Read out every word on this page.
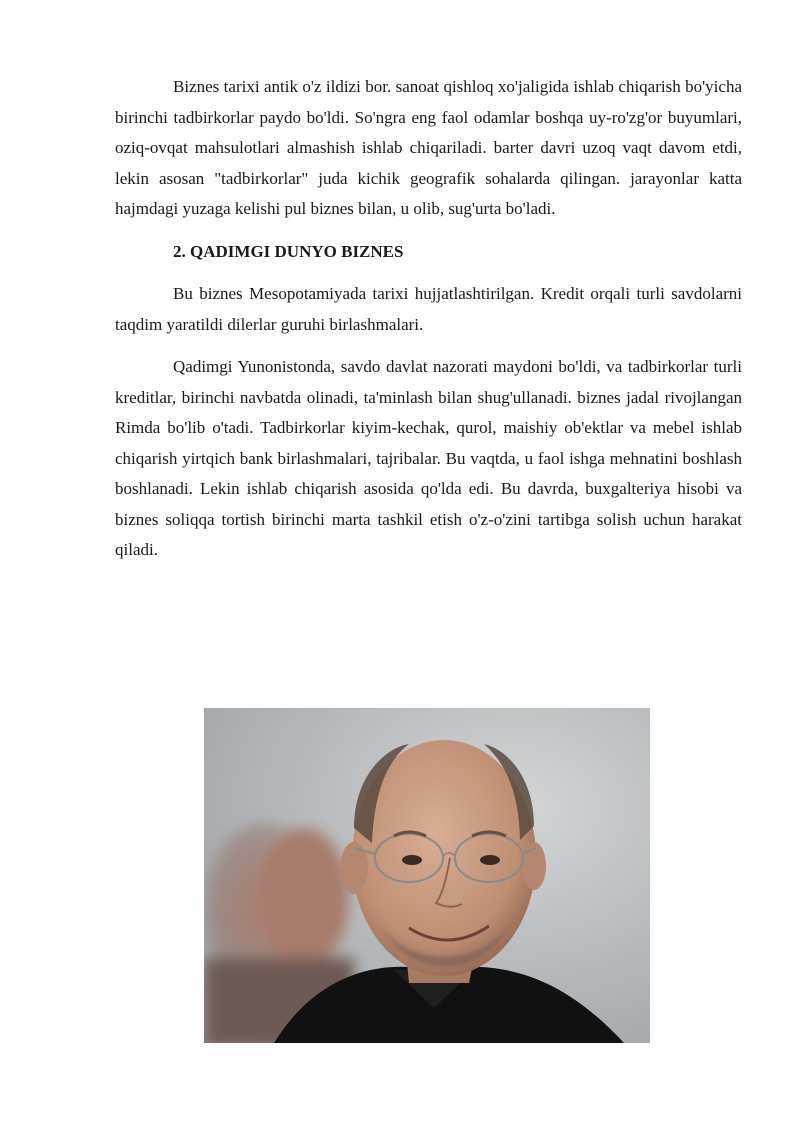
Biznes tarixi antik o'z ildizi bor. sanoat qishloq xo'jaligida ishlab chiqarish bo'yicha birinchi tadbirkorlar paydo bo'ldi. So'ngra eng faol odamlar boshqa uy-ro'zg'or buyumlari, oziq-ovqat mahsulotlari almashish ishlab chiqariladi. barter davri uzoq vaqt davom etdi, lekin asosan "tadbirkorlar" juda kichik geografik sohalarda qilingan. jarayonlar katta hajmdagi yuzaga kelishi pul biznes bilan, u olib, sug'urta bo'ladi.

2. QADIMGI DUNYO BIZNES

Bu biznes Mesopotamiyada tarixi hujjatlashtirilgan. Kredit orqali turli savdolarni taqdim yaratildi dilerlar guruhi birlashmalari.

Qadimgi Yunonistonda, savdo davlat nazorati maydoni bo'ldi, va tadbirkorlar turli kreditlar, birinchi navbatda olinadi, ta'minlash bilan shug'ullanadi. biznes jadal rivojlangan Rimda bo'lib o'tadi. Tadbirkorlar kiyim-kechak, qurol, maishiy ob'ektlar va mebel ishlab chiqarish yirtqich bank birlashmalari, tajribalar. Bu vaqtda, u faol ishga mehnatini boshlash boshlanadi. Lekin ishlab chiqarish asosida qo'lda edi. Bu davrda, buxgalteriya hisobi va biznes soliqqa tortish birinchi marta tashkil etish o'z-o'zini tartibga solish uchun harakat qiladi.
